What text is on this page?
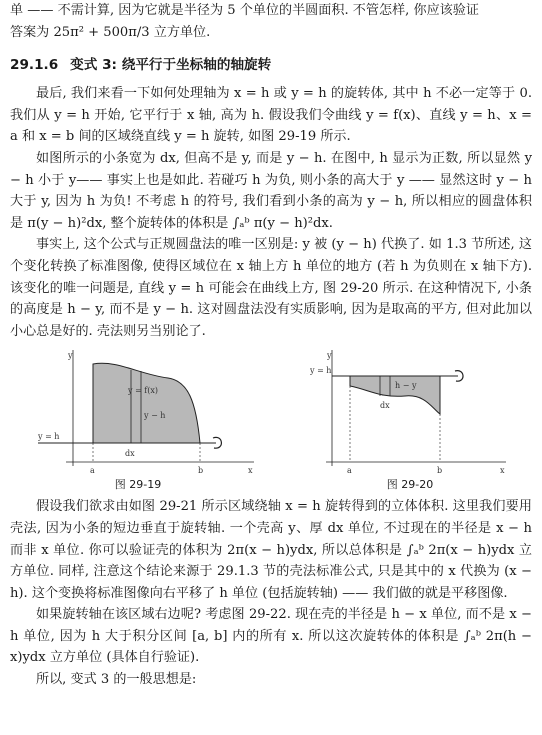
单 —— 不需计算, 因为它就是半径为 5 个单位的半圆面积. 不管怎样, 你应该验证

答案为 25π² + 500π/3 立方单位.

29.1.6 变式 3: 绕平行于坐标轴的轴旋转

最后, 我们来看一下如何处理轴为 x = h 或 y = h 的旋转体, 其中 h 不必一定等于 0. 我们从 y = h 开始, 它平行于 x 轴, 高为 h. 假设我们令曲线 y = f(x)、直线 y = h、x = a 和 x = b 间的区域绕直线 y = h 旋转, 如图 29-19 所示.

如图所示的小条宽为 dx, 但高不是 y, 而是 y − h. 在图中, h 显示为正数, 所以显然 y − h 小于 y—— 事实上也是如此. 若碰巧 h 为负, 则小条的高大于 y —— 显然这时 y − h 大于 y, 因为 h 为负! 不考虑 h 的符号, 我们看到小条的高为 y − h, 所以相应的圆盘体积是 π(y − h)²dx, 整个旋转体的体积是 ∫ₐᵇ π(y − h)²dx.

事实上, 这个公式与正规圆盘法的唯一区别是: y 被 (y − h) 代换了. 如 1.3 节所述, 这个变化转换了标准图像, 使得区域位在 x 轴上方 h 单位的地方 (若 h 为负则在 x 轴下方). 该变化的唯一问题是, 直线 y = h 可能会在曲线上方, 图 29-20 所示. 在这种情况下, 小条的高度是 h − y, 而不是 y − h. 这对圆盘法没有实质影响, 因为是取高的平方, 但对此加以小心总是好的. 壳法则另当别论了.

y
x
y = f(x)
y − h
y = h
dx
a	b
图 29-19
y
x
h − y
y = h
dx
a	b
图 29-20

假设我们欲求由如图 29-21 所示区域绕轴 x = h 旋转得到的立体体积. 这里我们要用壳法, 因为小条的短边垂直于旋转轴. 一个壳高 y、厚 dx 单位, 不过现在的半径是 x − h 而非 x 单位. 你可以验证壳的体积为 2π(x − h)ydx, 所以总体积是 ∫ₐᵇ 2π(x − h)ydx 立方单位. 同样, 注意这个结论来源于 29.1.3 节的壳法标准公式, 只是其中的 x 代换为 (x − h). 这个变换将标准图像向右平移了 h 单位 (包括旋转轴) —— 我们做的就是平移图像.

如果旋转轴在该区域右边呢? 考虑图 29-22. 现在壳的半径是 h − x 单位, 而不是 x − h 单位, 因为 h 大于积分区间 [a, b] 内的所有 x. 所以这次旋转体的体积是 ∫ₐᵇ 2π(h − x)ydx 立方单位 (具体自行验证).

所以, 变式 3 的一般思想是:
